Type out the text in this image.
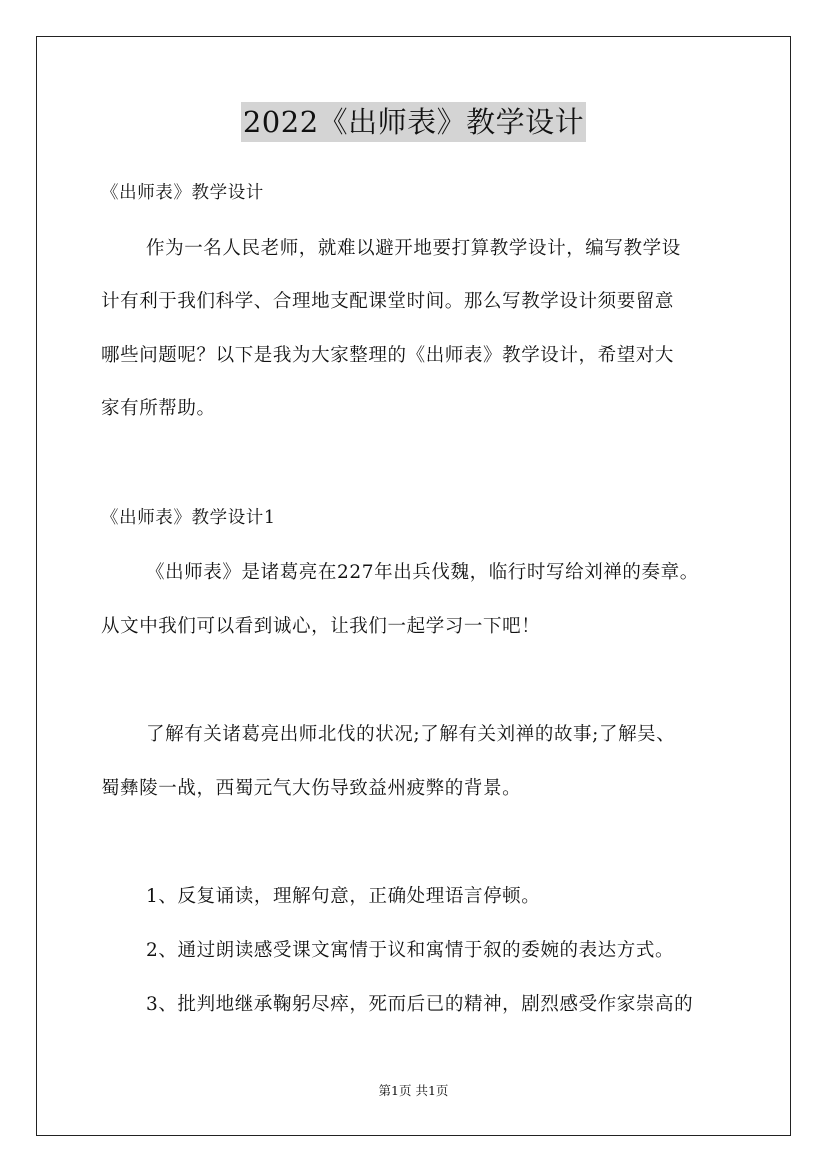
2022《出师表》教学设计

《出师表》教学设计

作为一名人民老师，就难以避开地要打算教学设计，编写教学设

计有利于我们科学、合理地支配课堂时间。那么写教学设计须要留意

哪些问题呢？以下是我为大家整理的《出师表》教学设计，希望对大

家有所帮助。

《出师表》教学设计1

《出师表》是诸葛亮在227年出兵伐魏，临行时写给刘禅的奏章。

从文中我们可以看到诚心，让我们一起学习一下吧！

了解有关诸葛亮出师北伐的状况;了解有关刘禅的故事;了解吴、

蜀彝陵一战，西蜀元气大伤导致益州疲弊的背景。

1、反复诵读，理解句意，正确处理语言停顿。

2、通过朗读感受课文寓情于议和寓情于叙的委婉的表达方式。

3、批判地继承鞠躬尽瘁，死而后已的精神，剧烈感受作家崇高的

第1页 共1页
